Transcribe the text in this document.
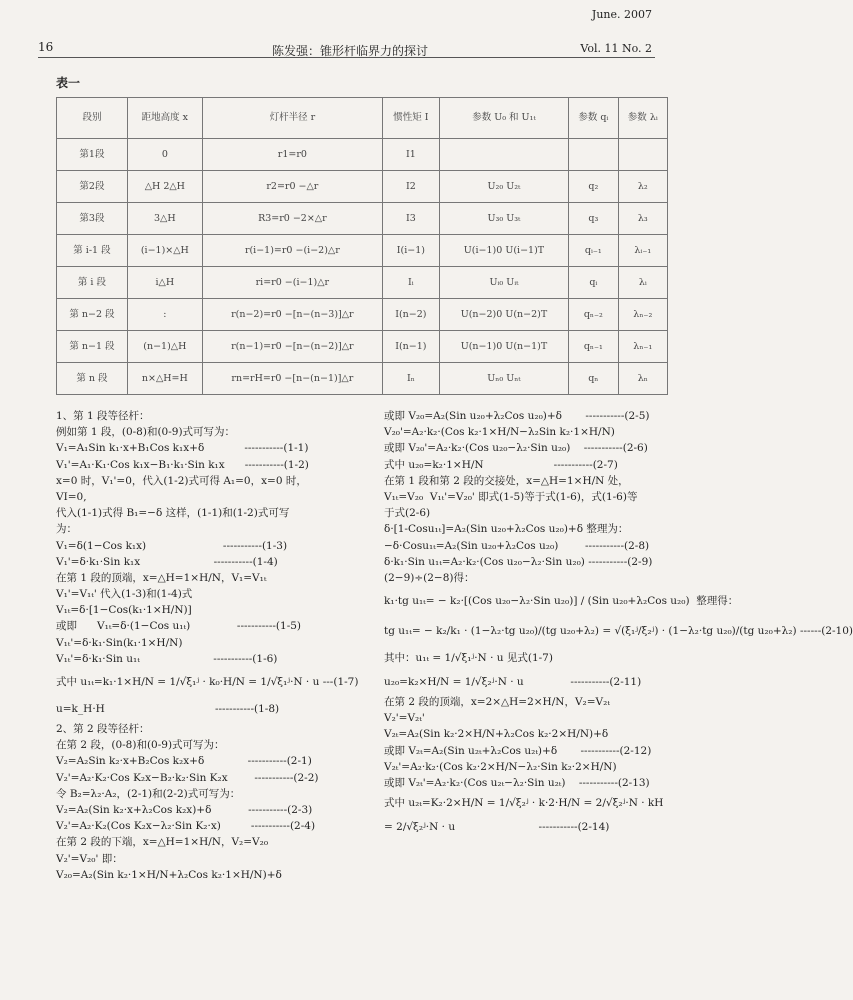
16	陈发强：锥形杆临界力的探讨
June. 2007
Vol. 11 No. 2
表一
段别	距地高度 x	灯杆半径 r	惯性矩 I	参数 U₀ 和 U₁ₜ	参数 qᵢ	参数 λᵢ
第1段	0	r1=r0	I1			
第2段	△H 2△H	r2=r0 −△r	I2	U₂₀ U₂ₜ	q₂	λ₂
第3段	3△H	R3=r0 −2×△r	I3	U₃₀ U₃ₜ	q₃	λ₃
第 i-1 段	(i−1)×△H	r(i−1)=r0 −(i−2)△r	I(i−1)	U(i−1)0 U(i−1)T	qᵢ₋₁	λᵢ₋₁
第 i 段	i△H	ri=r0 −(i−1)△r	Iᵢ	Uᵢ₀ Uᵢₜ	qᵢ	λᵢ
第 n−2 段	:	r(n−2)=r0 −[n−(n−3)]△r	I(n−2)	U(n−2)0 U(n−2)T	qₙ₋₂	λₙ₋₂
第 n−1 段	(n−1)△H	r(n−1)=r0 −[n−(n−2)]△r	I(n−1)	U(n−1)0 U(n−1)T	qₙ₋₁	λₙ₋₁
第 n 段	n×△H=H	rn=rH=r0 −[n−(n−1)]△r	Iₙ	Uₙ₀ Uₙₜ	qₙ	λₙ
1、第 1 段等径杆：
例如第 1 段，(0-8)和(0-9)式可写为：
V₁=A₁Sin k₁·x+B₁Cos k₁x+δ            -----------(1-1)
V₁'=A₁·K₁·Cos k₁x−B₁·k₁·Sin k₁x      -----------(1-2)
x=0 时，V₁'=0，代入(1-2)式可得 A₁=0，x=0 时，
VI=0,
代入(1-1)式得 B₁=−δ 这样，(1-1)和(1-2)式可写
为：
V₁=δ(1−Cos k₁x)                       -----------(1-3)
V₁'=δ·k₁·Sin k₁x                      -----------(1-4)
在第 1 段的顶端，x=△H=1×H/N，V₁=V₁ₜ
V₁'=V₁ₜ' 代入(1-3)和(1-4)式
V₁ₜ=δ·[1−Cos(k₁·1×H/N)]
或即      V₁ₜ=δ·(1−Cos u₁ₜ)              -----------(1-5)
V₁ₜ'=δ·k₁·Sin(k₁·1×H/N)
V₁ₜ'=δ·k₁·Sin u₁ₜ                      -----------(1-6)
式中 u₁ₜ=k₁·1×H/N = 1/√ξ₁ʲ · k₀·H/N = 1/√ξ₁ʲ·N · u ---(1-7)
u=k_H·H                                 -----------(1-8)
2、第 2 段等径杆：
在第 2 段，(0-8)和(0-9)式可写为：
V₂=A₂Sin k₂·x+B₂Cos k₂x+δ             -----------(2-1)
V₂'=A₂·K₂·Cos K₂x−B₂·k₂·Sin K₂x        -----------(2-2)
令 B₂=λ₂·A₂，(2-1)和(2-2)式可写为：
V₂=A₂(Sin k₂·x+λ₂Cos k₂x)+δ           -----------(2-3)
V₂'=A₂·K₂(Cos K₂x−λ₂·Sin K₂·x)         -----------(2-4)
在第 2 段的下端，x=△H=1×H/N，V₂=V₂₀
V₂'=V₂₀' 即：
V₂₀=A₂(Sin k₂·1×H/N+λ₂Cos k₂·1×H/N)+δ
或即 V₂₀=A₂(Sin u₂₀+λ₂Cos u₂₀)+δ       -----------(2-5)
V₂₀'=A₂·k₂·(Cos k₂·1×H/N−λ₂Sin k₂·1×H/N)
或即 V₂₀'=A₂·k₂·(Cos u₂₀−λ₂·Sin u₂₀)    -----------(2-6)
式中 u₂₀=k₂·1×H/N                     -----------(2-7)
在第 1 段和第 2 段的交接处，x=△H=1×H/N 处，
V₁ₜ=V₂₀  V₁ₜ'=V₂₀' 即式(1-5)等于式(1-6)，式(1-6)等
于式(2-6)
δ·[1-Cosu₁ₜ]=A₂(Sin u₂₀+λ₂Cos u₂₀)+δ 整理为：
−δ·Cosu₁ₜ=A₂(Sin u₂₀+λ₂Cos u₂₀)        -----------(2-8)
δ·k₁·Sin u₁ₜ=A₂·k₂·(Cos u₂₀−λ₂·Sin u₂₀) -----------(2-9)
(2−9)÷(2−8)得：
k₁·tg u₁ₜ= − k₂·[(Cos u₂₀−λ₂·Sin u₂₀)] / (Sin u₂₀+λ₂Cos u₂₀)  整理得：
tg u₁ₜ= − k₂/k₁ · (1−λ₂·tg u₂₀)/(tg u₂₀+λ₂) = √(ξ₁ʲ/ξ₂ʲ) · (1−λ₂·tg u₂₀)/(tg u₂₀+λ₂) ------(2-10)
其中：u₁ₜ = 1/√ξ₁ʲ·N · u 见式(1-7)
u₂₀=k₂×H/N = 1/√ξ₂ʲ·N · u              -----------(2-11)
在第 2 段的顶端，x=2×△H=2×H/N，V₂=V₂ₜ
V₂'=V₂ₜ'
V₂ₜ=A₂(Sin k₂·2×H/N+λ₂Cos k₂·2×H/N)+δ
或即 V₂ₜ=A₂(Sin u₂ₜ+λ₂Cos u₂ₜ)+δ       -----------(2-12)
V₂ₜ'=A₂·k₂·(Cos k₂·2×H/N−λ₂·Sin k₂·2×H/N)
或即 V₂ₜ'=A₂·k₂·(Cos u₂ₜ−λ₂·Sin u₂ₜ)    -----------(2-13)
式中 u₂ₜ=K₂·2×H/N = 1/√ξ₂ʲ · k·2·H/N = 2/√ξ₂ʲ·N · kH
= 2/√ξ₂ʲ·N · u                         -----------(2-14)
